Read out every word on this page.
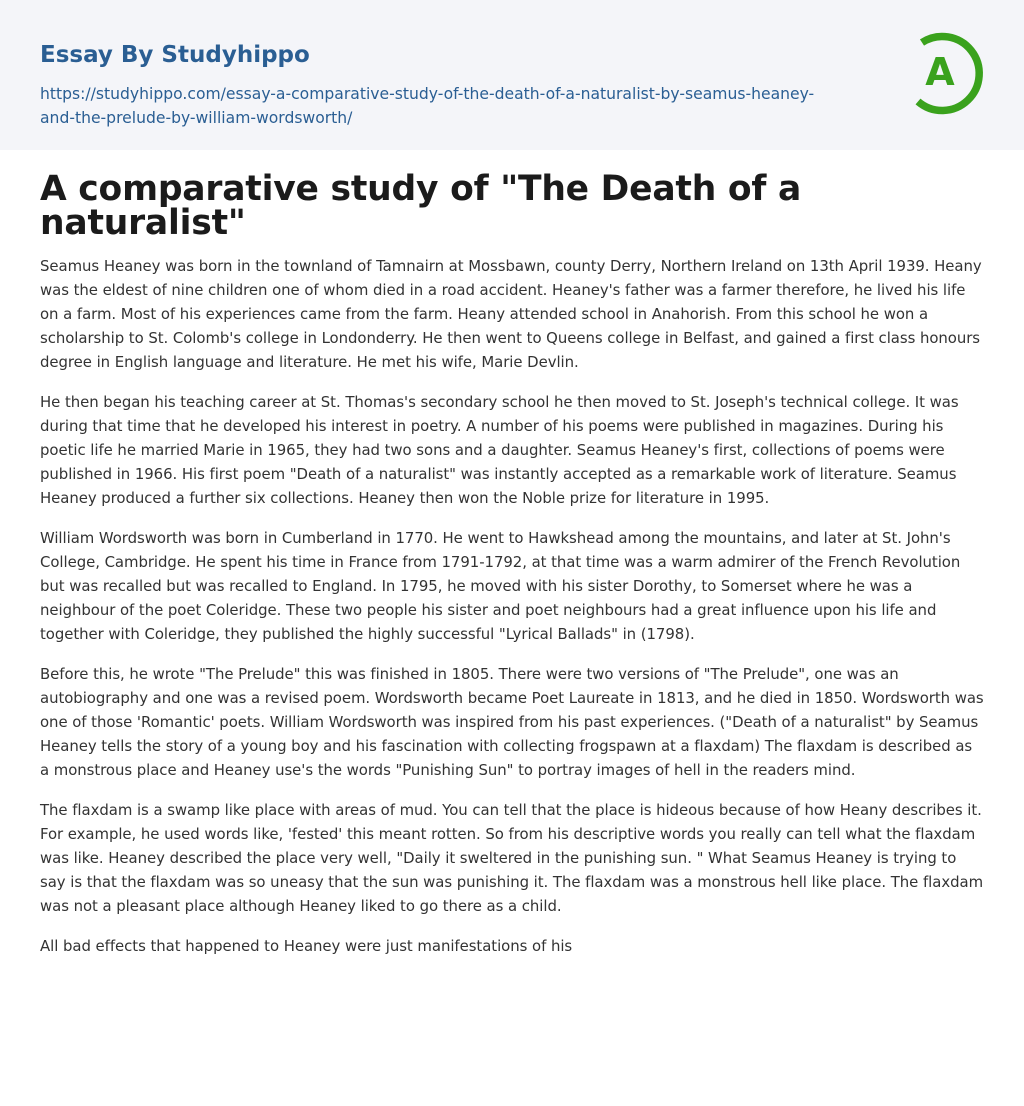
Essay By Studyhippo
https://studyhippo.com/essay-a-comparative-study-of-the-death-of-a-naturalist-by-seamus-heaney-and-the-prelude-by-william-wordsworth/
A
A comparative study of "The Death of a naturalist"

Seamus Heaney was born in the townland of Tamnairn at Mossbawn, county Derry, Northern Ireland on 13th April 1939. Heany was the eldest of nine children one of whom died in a road accident. Heaney's father was a farmer therefore, he lived his life on a farm. Most of his experiences came from the farm. Heany attended school in Anahorish. From this school he won a scholarship to St. Colomb's college in Londonderry. He then went to Queens college in Belfast, and gained a first class honours degree in English language and literature. He met his wife, Marie Devlin.

He then began his teaching career at St. Thomas's secondary school he then moved to St. Joseph's technical college. It was during that time that he developed his interest in poetry. A number of his poems were published in magazines. During his poetic life he married Marie in 1965, they had two sons and a daughter. Seamus Heaney's first, collections of poems were published in 1966. His first poem "Death of a naturalist" was instantly accepted as a remarkable work of literature. Seamus Heaney produced a further six collections. Heaney then won the Noble prize for literature in 1995.

William Wordsworth was born in Cumberland in 1770. He went to Hawkshead among the mountains, and later at St. John's College, Cambridge. He spent his time in France from 1791-1792, at that time was a warm admirer of the French Revolution but was recalled but was recalled to England. In 1795, he moved with his sister Dorothy, to Somerset where he was a neighbour of the poet Coleridge. These two people his sister and poet neighbours had a great influence upon his life and together with Coleridge, they published the highly successful "Lyrical Ballads" in (1798).

Before this, he wrote "The Prelude" this was finished in 1805. There were two versions of "The Prelude", one was an autobiography and one was a revised poem. Wordsworth became Poet Laureate in 1813, and he died in 1850. Wordsworth was one of those 'Romantic' poets. William Wordsworth was inspired from his past experiences. ("Death of a naturalist" by Seamus Heaney tells the story of a young boy and his fascination with collecting frogspawn at a flaxdam) The flaxdam is described as a monstrous place and Heaney use's the words "Punishing Sun" to portray images of hell in the readers mind.

The flaxdam is a swamp like place with areas of mud. You can tell that the place is hideous because of how Heany describes it. For example, he used words like, 'fested' this meant rotten. So from his descriptive words you really can tell what the flaxdam was like. Heaney described the place very well, "Daily it sweltered in the punishing sun. " What Seamus Heaney is trying to say is that the flaxdam was so uneasy that the sun was punishing it. The flaxdam was a monstrous hell like place. The flaxdam was not a pleasant place although Heaney liked to go there as a child.

All bad effects that happened to Heaney were just manifestations of his
